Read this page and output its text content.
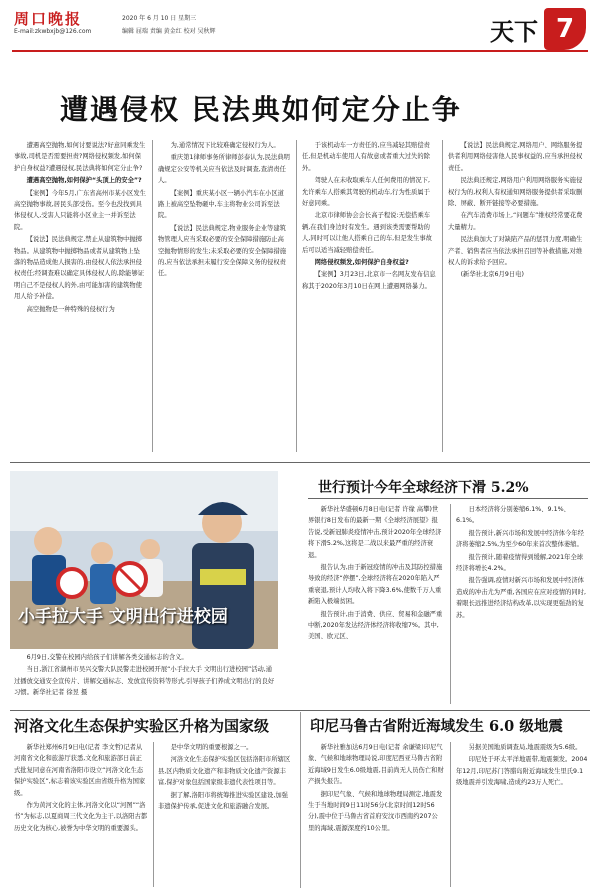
周口晚报
E-mail:zkwbxjb@126.com
2020 年 6 月 10 日 星期三
编辑 屈瑞 责编 黄金红 校对 吴秋辉	天下 7
遭遇侵权 民法典如何定分止争

遭遇高空抛物,如何讨要说法?好意同乘发生事故,司机是否需要担责?网络侵权频发,如何保护自身权益?遭遇侵权,民法典将如何定分止争?

遭遇高空抛物,如何保护“头顶上的安全”?

【案例】今年5月,广东省高州市某小区发生高空抛物事故,居民头部受伤。至今也没找到具体侵权人,受害人只能将小区业主一并诉至法院。

【说法】民法典规定,禁止从建筑物中抛掷物品。从建筑物中抛掷物品或者从建筑物上坠落的物品造成他人损害的,由侵权人依法承担侵权责任;经调查难以确定具体侵权人的,除能够证明自己不是侵权人的外,由可能加害的建筑物使用人给予补偿。

高空抛物是一种特殊的侵权行为

为,通常情况下比较难确定侵权行为人。

重庆第1律师事务所律师彭泰认为,民法典明确规定公安等机关应当依法及时调查,查清责任人。

【案例】重庆某小区一辆小汽车在小区道路上被高空坠物砸中,车主将物业公司诉至法院。

【说法】民法典规定,物业服务企业等建筑物管理人应当采取必要的安全保障措施防止高空抛物情形的发生;未采取必要的安全保障措施的,应当依法承担未履行安全保障义务的侵权责任。

于该机动车一方责任的,应当减轻其赔偿责任,但是机动车使用人有故意或者重大过失的除外。

驾驶人在未收取乘车人任何费用的情况下,允许乘车人搭乘其驾驶的机动车,行为性质属于好意同乘。

北京市律师协会会长高子程说:无偿搭乘车辆,在我们身边时有发生。遇到该类需要帮助的人,同时可以让他人搭乘自己的车,但是发生事故后可以适当减轻赔偿责任。

网络侵权频发,如何保护自身权益?

【案例】3月23日,北京市一名网友发布信息称其于2020年3月10日在网上遭遇网络暴力。

【说法】民法典规定,网络用户、网络服务提供者利用网络侵害他人民事权益的,应当承担侵权责任。

民法典还规定,网络用户利用网络服务实施侵权行为的,权利人有权通知网络服务提供者采取删除、屏蔽、断开链接等必要措施。

在汽车消费市场上,“问题车”维权经常要花费大量精力。

民法典加大了对缺陷产品的惩罚力度,明确生产者、销售者应当依法承担召回等补救措施,对维权人的诉求给予回应。

(新华社北京6月9日电)

小手拉大手 文明出行进校园

6月9日,交警在校园内给孩子们讲解各类交通标志的含义。

当日,浙江省湖州市吴兴交警大队民警走进校园开展“小手拉大手 文明出行进校园”活动,通过播放交通安全宣传片、讲解交通标志、发放宣传资料等形式,引导孩子们养成文明出行的良好习惯。新华社记者 徐昱 摄

世行预计今年全球经济下滑 5.2%

新华社华盛顿6月8日电(记者 许缘 高攀)世界银行8日发布的最新一期《全球经济展望》报告说,受新冠肺炎疫情冲击,预计2020年全球经济将下滑5.2%,这将是二战以来最严重的经济衰退。

报告认为,由于新冠疫情的冲击及其防控措施导致的经济“停摆”,全球经济将在2020年陷入严重衰退,预计人均收入将下降3.6%,使数千万人重新陷入极端贫困。

报告预计,由于消费、供应、贸易和金融严重中断,2020年发达经济体经济将收缩7%。其中,美国、欧元区、

日本经济将分别萎缩6.1%、9.1%、6.1%。

报告预计,新兴市场和发展中经济体今年经济将萎缩2.5%,为至少60年来首次整体萎缩。

报告预计,随着疫情得到缓解,2021年全球经济将增长4.2%。

报告强调,疫情对新兴市场和发展中经济体造成的冲击尤为严重,各国应在应对疫情的同时,着眼长远推进经济结构改革,以实现更强劲的复苏。

河洛文化生态保护实验区升格为国家级

新华社郑州6月9日电(记者 李文哲)记者从河南省文化和旅游厅获悉,文化和旅游部日前正式批复同意在河南省洛阳市设立“河洛文化生态保护实验区”,标志着该实验区由省级升格为国家级。

作为黄河文化的主体,河洛文化以“河图”“洛书”为标志,以夏商周三代文化为主干,以洛阳古都历史文化为核心,被誉为中华文明的重要源头。

是中华文明的重要根源之一。

河洛文化生态保护实验区包括洛阳市所辖区县,区内物质文化遗产和非物质文化遗产资源丰富,保护对象包括国家级非遗代表性项目等。

据了解,洛阳市将统筹推进实验区建设,加强非遗保护传承,促进文化和旅游融合发展。

印尼马鲁古省附近海域发生 6.0 级地震

新华社雅加达6月9日电(记者 余谦梁)印尼气象、气候和地球物理局说,印度尼西亚马鲁古省附近海域9日发生6.0级地震,目前尚无人员伤亡和财产损失报告。

据印尼气象、气候和地球物理局测定,地震发生于当地时间9日11时56分(北京时间12时56分),震中位于马鲁古省首府安汶市西南约207公里的海域,震源深度约10公里。

另据美国地质调查局,地震震级为5.6级。

印尼处于环太平洋地震带,地震频发。2004年12月,印尼苏门答腊岛附近海域发生里氏9.1级地震并引发海啸,造成约23万人死亡。
